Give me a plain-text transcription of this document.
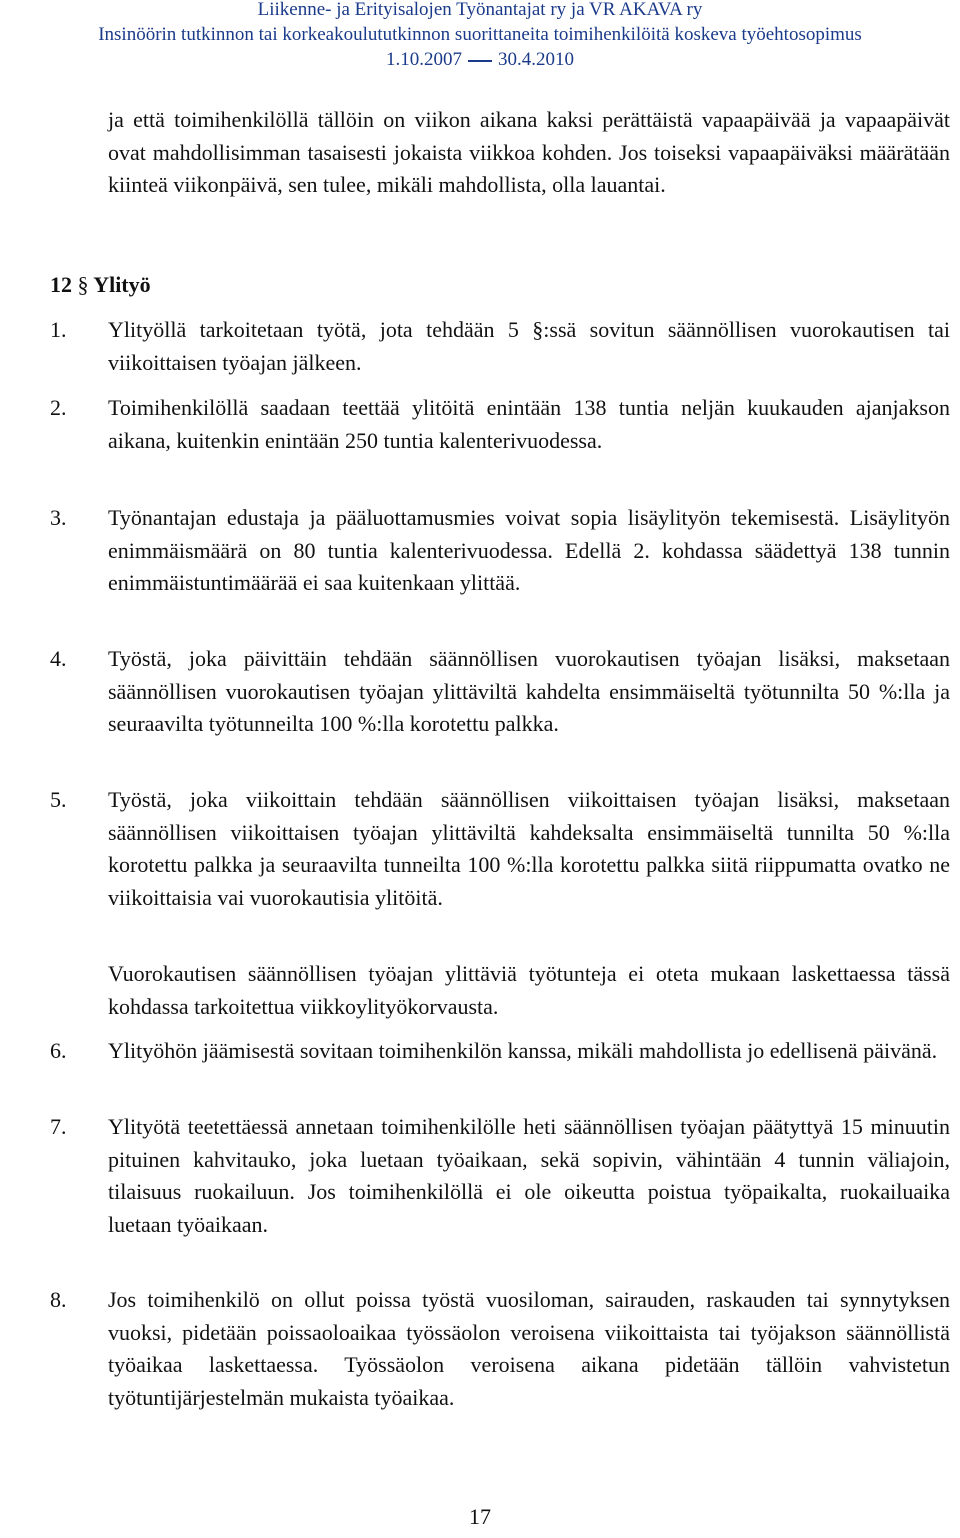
Liikenne- ja Erityisalojen Työnantajat ry ja VR AKAVA ry
Insinöörin tutkinnon tai korkeakoulututkinnon suorittaneita toimihenkilöitä koskeva työehtosopimus
1.10.2007 30.4.2010
ja että toimihenkilöllä tällöin on viikon aikana kaksi perättäistä vapaapäivää ja vapaapäivät ovat mahdollisimman tasaisesti jokaista viikkoa kohden. Jos toiseksi vapaapäiväksi määrätään kiinteä viikonpäivä, sen tulee, mikäli mahdollista, olla lauantai.
12 § Ylityö
1.	Ylityöllä tarkoitetaan työtä, jota tehdään 5 §:ssä sovitun säännöllisen vuorokautisen tai viikoittaisen työajan jälkeen.
2.	Toimihenkilöllä saadaan teettää ylitöitä enintään 138 tuntia neljän kuukauden ajanjakson aikana, kuitenkin enintään 250 tuntia kalenterivuodessa.
3.	Työnantajan edustaja ja pääluottamusmies voivat sopia lisäylityön tekemisestä. Lisäylityön enimmäismäärä on 80 tuntia kalenterivuodessa. Edellä 2. kohdassa säädettyä 138 tunnin enimmäistuntimäärää ei saa kuitenkaan ylittää.
4.	Työstä, joka päivittäin tehdään säännöllisen vuorokautisen työajan lisäksi, maksetaan säännöllisen vuorokautisen työajan ylittäviltä kahdelta ensimmäiseltä työtunnilta 50 %:lla ja seuraavilta työtunneilta 100 %:lla korotettu palkka.
5.	Työstä, joka viikoittain tehdään säännöllisen viikoittaisen työajan lisäksi, maksetaan säännöllisen viikoittaisen työajan ylittäviltä kahdeksalta ensimmäiseltä tunnilta 50 %:lla korotettu palkka ja seuraavilta tunneilta 100 %:lla korotettu palkka siitä riippumatta ovatko ne viikoittaisia vai vuorokautisia ylitöitä.
Vuorokautisen säännöllisen työajan ylittäviä työtunteja ei oteta mukaan laskettaessa tässä kohdassa tarkoitettua viikkoylityökorvausta.
6.	Ylityöhön jäämisestä sovitaan toimihenkilön kanssa, mikäli mahdollista jo edellisenä päivänä.
7.	Ylityötä teetettäessä annetaan toimihenkilölle heti säännöllisen työajan päätyttyä 15 minuutin pituinen kahvitauko, joka luetaan työaikaan, sekä sopivin, vähintään 4 tunnin väliajoin, tilaisuus ruokailuun. Jos toimihenkilöllä ei ole oikeutta poistua työpaikalta, ruokailuaika luetaan työaikaan.
8.	Jos toimihenkilö on ollut poissa työstä vuosiloman, sairauden, raskauden tai synnytyksen vuoksi, pidetään poissaoloaikaa työssäolon veroisena viikoittaista tai työjakson säännöllistä työaikaa laskettaessa. Työssäolon veroisena aikana pidetään tällöin vahvistetun työtuntijärjestelmän mukaista työaikaa.
17
